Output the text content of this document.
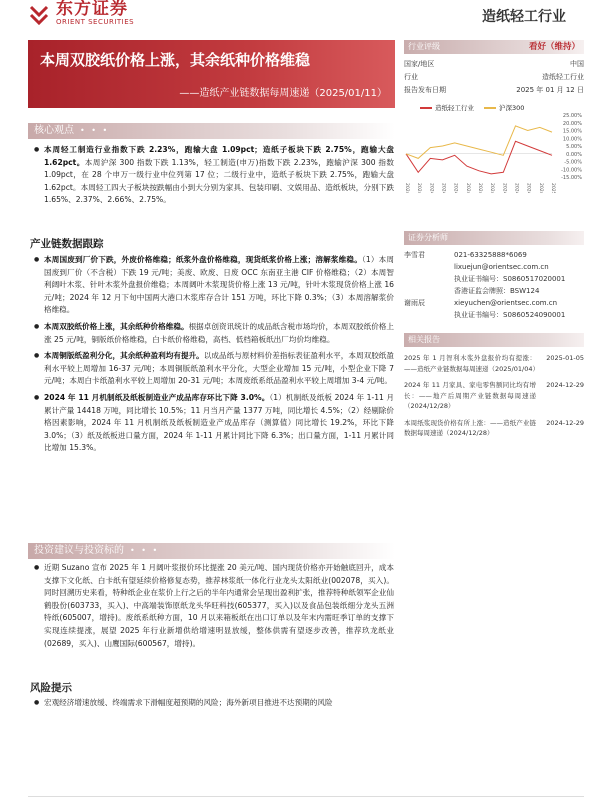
东方证券
ORIENT SECURITIES	造纸轻工行业
本周双胶纸价格上涨，其余纸种价格维稳
——造纸产业链数据每周速递（2025/01/11）
核心观点 • • •
● 本周轻工制造行业指数下跌 2.23%，跑输大盘 1.09pct；造纸子板块下跌 2.75%，跑输大盘 1.62pct。本周沪深 300 指数下跌 1.13%，轻工制造(申万)指数下跌 2.23%，跑输沪深 300 指数 1.09pct，在 28 个申万一级行业中位列第 17 位；二级行业中，造纸子板块下跌 2.75%，跑输大盘 1.62pct。本周轻工四大子板块按跌幅由小到大分别为家具、包装印刷、文娱用品、造纸板块，分别下跌 1.65%、2.37%、2.66%、2.75%。
产业链数据跟踪
● 本周国废到厂价下跌，外废价格维稳；纸浆外盘价格维稳，现货纸浆价格上涨；溶解浆维稳。（1）本周国废到厂价（不含税）下跌 19 元/吨；美废、欧废、日废 OCC 东南亚主港 CIF 价格维稳；（2）本周智利阔叶木浆、针叶木浆外盘报价维稳；本周阔叶木浆现货价格上涨 13 元/吨，针叶木浆现货价格上涨 16 元/吨；2024 年 12 月下旬中国两大港口木浆库存合计 151 万吨，环比下降 0.3%；（3）本周溶解浆价格维稳。
● 本周双胶纸价格上涨，其余纸种价格维稳。根据卓创资讯统计的成品纸含税市场均价，本周双胶纸价格上涨 25 元/吨，铜版纸价格维稳，白卡纸价格维稳，高档、低档箱板纸出厂均价均维稳。
● 本周铜版纸盈利分化，其余纸种盈利均有提升。以成品纸与原材料价差指标表征盈利水平，本周双胶纸盈利水平较上周增加 16-37 元/吨；本周铜版纸盈利水平分化，大型企业增加 15 元/吨，小型企业下降 7 元/吨；本周白卡纸盈利水平较上周增加 20-31 元/吨；本周废纸系纸品盈利水平较上周增加 3-4 元/吨。
● 2024 年 11 月机制纸及纸板制造业产成品库存环比下降 3.0%。（1）机制纸及纸板 2024 年 1-11 月累计产量 14418 万吨，同比增长 10.5%；11 月当月产量 1377 万吨，同比增长 4.5%；（2）经剔除价格因素影响，2024 年 11 月机制纸及纸板制造业产成品库存（测算值）同比增长 19.2%，环比下降 3.0%；（3）纸及纸板进口量方面，2024 年 1-11 月累计同比下降 6.3%；出口量方面，1-11 月累计同比增加 15.3%。
投资建议与投资标的 • • •
● 近期 Suzano 宣布 2025 年 1 月阔叶浆报价环比提涨 20 美元/吨、国内现货价格亦开始触底回升，成本支撑下文化纸、白卡纸有望延续价格修复态势，推荐林浆纸一体化行业龙头太阳纸业(002078，买入)。同时回溯历史来看，特种纸企业在浆价上行之后的半年内通常会呈现出盈利扩张，推荐特种纸领军企业仙鹤股份(603733，买入)、中高端装饰原纸龙头华旺科技(605377，买入)以及食品包装纸细分龙头五洲特纸(605007，增持)。废纸系纸种方面，10 月以来箱板纸在出口订单以及年末内需旺季订单的支撑下实现连续提涨，展望 2025 年行业新增供给增速明显放缓，整体供需有望逐步改善，推荐玖龙纸业(02689，买入)、山鹰国际(600567，增持)。
风险提示
● 宏观经济增速放缓、终端需求下滑幅度超预期的风险；海外新项目推进不达预期的风险
行业评级	看好（维持）
国家/地区	中国
行业	造纸轻工行业
报告发布日期	2025 年 01 月 12 日
造纸轻工行业	沪深300
25.00%
20.00%
15.00%
10.00%
5.00%
0.00%
-5.00%
-10.00%
-15.00%
2024/01 2024/02 2024/03 2024/04 2024/05 2024/06 2024/07 2024/08 2024/09 2024/10 2024/11 2024/12 2025/01
证券分析师
李雪君	021-63325888*6069
lixuejun@orientsec.com.cn
执业证书编号：S0860517020001
香港证监会牌照：BSW124
谢雨辰	xieyuchen@orientsec.com.cn
执业证书编号：S0860524090001
相关报告
2025 年 1 月智利木浆外盘报价均有提涨：——造纸产业链数据每周速递（2025/01/04）
2025-01-05
2024 年 11 月家具、家电零售额同比均有增长：——地产后周期产业链数据每周速递（2024/12/28）
2024-12-29
本周纸浆现货价格有所上涨：——造纸产业链数据每周速递（2024/12/28）
2024-12-29
